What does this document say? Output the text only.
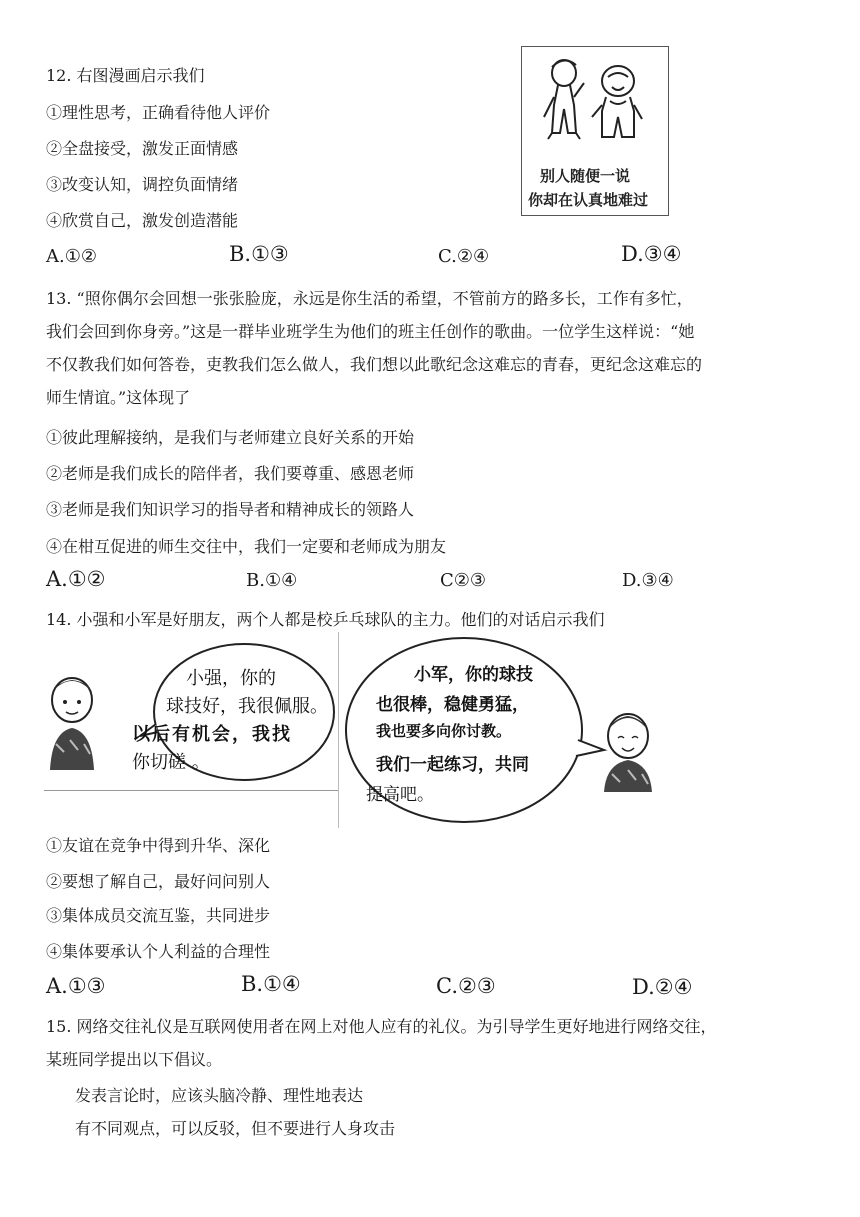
12. 右图漫画启示我们
①理性思考，正确看待他人评价
②全盘接受，激发正面情感
③改变认知，调控负面情绪
④欣赏自己，激发创造潜能
A.①②	B.①③	C.②④	D.③④
别人随便一说
你却在认真地难过
13. “照你偶尔会回想一张张脸庞，永远是你生活的希望，不管前方的路多长，工作有多忙，
我们会回到你身旁。”这是一群毕业班学生为他们的班主任创作的歌曲。一位学生这样说：“她
不仅教我们如何答卷，吏教我们怎么做人，我们想以此歌纪念这难忘的青春，更纪念这难忘的
师生情谊。”这体现了
①彼此理解接纳，是我们与老师建立良好关系的开始
②老师是我们成长的陪伴者，我们要尊重、感恩老师
③老师是我们知识学习的指导者和精神成长的领路人
④在柑互促进的师生交往中，我们一定要和老师成为朋友
A.①②	B.①④	C②③	D.③④
14. 小强和小军是好朋友，两个人都是校乒乓球队的主力。他们的对话启示我们
小强，你的
球技好，我很佩服。
以后有机会，我找
你切磋 。
小军，你的球技
也很棒，稳健勇猛，
我也要多向你讨教。
我们一起练习，共同
提高吧。
①友谊在竞争中得到升华、深化
②要想了解自己，最好问问别人
③集体成员交流互鉴，共同进步
④集体要承认个人利益的合理性
A.①③	B.①④	C.②③	D.②④
15. 网络交往礼仪是互联网使用者在网上对他人应有的礼仪。为引导学生更好地进行网络交往，
某班同学提出以下倡议。
发表言论时，应该头脑冷静、理性地表达
有不同观点，可以反驳，但不要进行人身攻击
